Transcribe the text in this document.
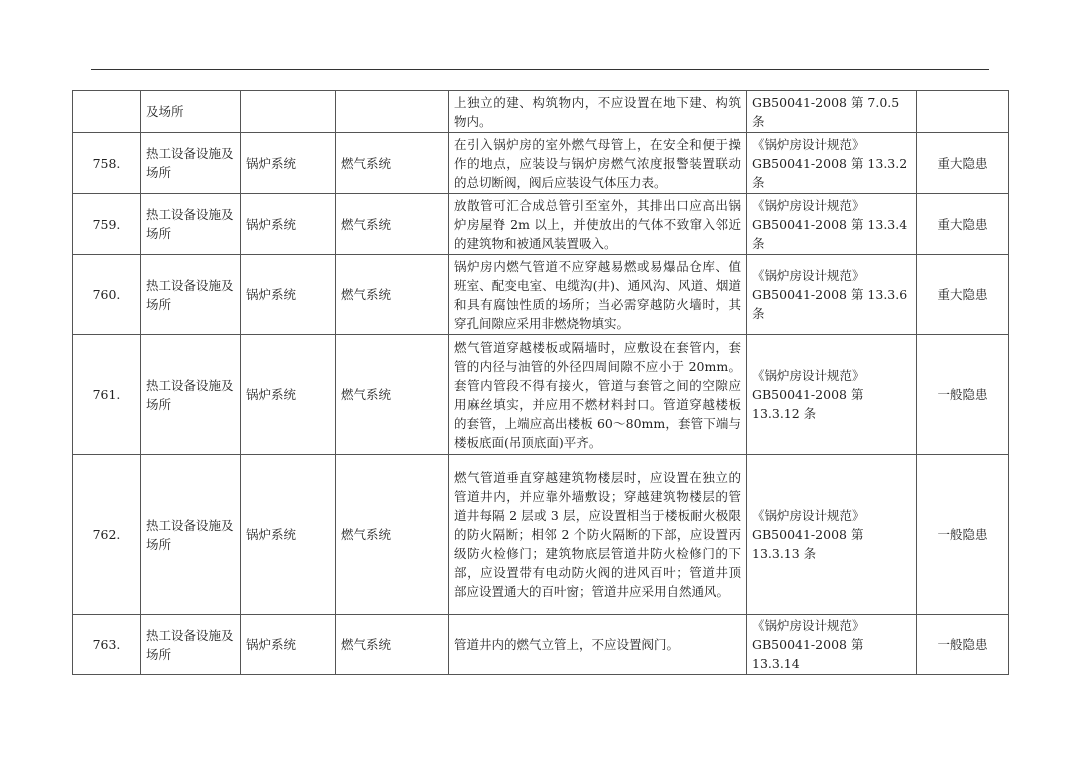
	及场所			上独立的建、构筑物内，不应设置在地下建、构筑物内。	GB50041-2008 第 7.0.5 条	

758.	热工设备设施及场所	锅炉系统	燃气系统	在引入锅炉房的室外燃气母管上，在安全和便于操作的地点，应装设与锅炉房燃气浓度报警装置联动的总切断阀，阀后应装设气体压力表。	《锅炉房设计规范》
GB50041-2008 第 13.3.2 条	重大隐患
759.	热工设备设施及场所	锅炉系统	燃气系统	放散管可汇合成总管引至室外，其排出口应高出锅炉房屋脊 2m 以上，并使放出的气体不致窜入邻近的建筑物和被通风装置吸入。	《锅炉房设计规范》
GB50041-2008 第 13.3.4 条	重大隐患
760.	热工设备设施及场所	锅炉系统	燃气系统	锅炉房内燃气管道不应穿越易燃或易爆品仓库、值班室、配变电室、电缆沟(井)、通风沟、风道、烟道和具有腐蚀性质的场所；当必需穿越防火墙时，其穿孔间隙应采用非燃烧物填实。	《锅炉房设计规范》
GB50041-2008 第 13.3.6 条	重大隐患
761.	热工设备设施及场所	锅炉系统	燃气系统	燃气管道穿越楼板或隔墙时，应敷设在套管内，套管的内径与油管的外径四周间隙不应小于 20mm。套管内管段不得有接火，管道与套管之间的空隙应用麻丝填实，并应用不燃材料封口。管道穿越楼板的套管，上端应高出楼板 60～80mm，套管下端与楼板底面(吊顶底面)平齐。	《锅炉房设计规范》
GB50041-2008 第 13.3.12 条	一般隐患
762.	热工设备设施及场所	锅炉系统	燃气系统	燃气管道垂直穿越建筑物楼层时，应设置在独立的管道井内，并应靠外墙敷设；穿越建筑物楼层的管道井每隔 2 层或 3 层，应设置相当于楼板耐火极限的防火隔断；相邻 2 个防火隔断的下部，应设置丙级防火检修门；建筑物底层管道井防火检修门的下部，应设置带有电动防火阀的进风百叶；管道井顶部应设置通大的百叶窗；管道井应采用自然通风。	《锅炉房设计规范》
GB50041-2008 第 13.3.13 条	一般隐患
763.	热工设备设施及场所	锅炉系统	燃气系统	管道井内的燃气立管上，不应设置阀门。	《锅炉房设计规范》
GB50041-2008 第 13.3.14	一般隐患
